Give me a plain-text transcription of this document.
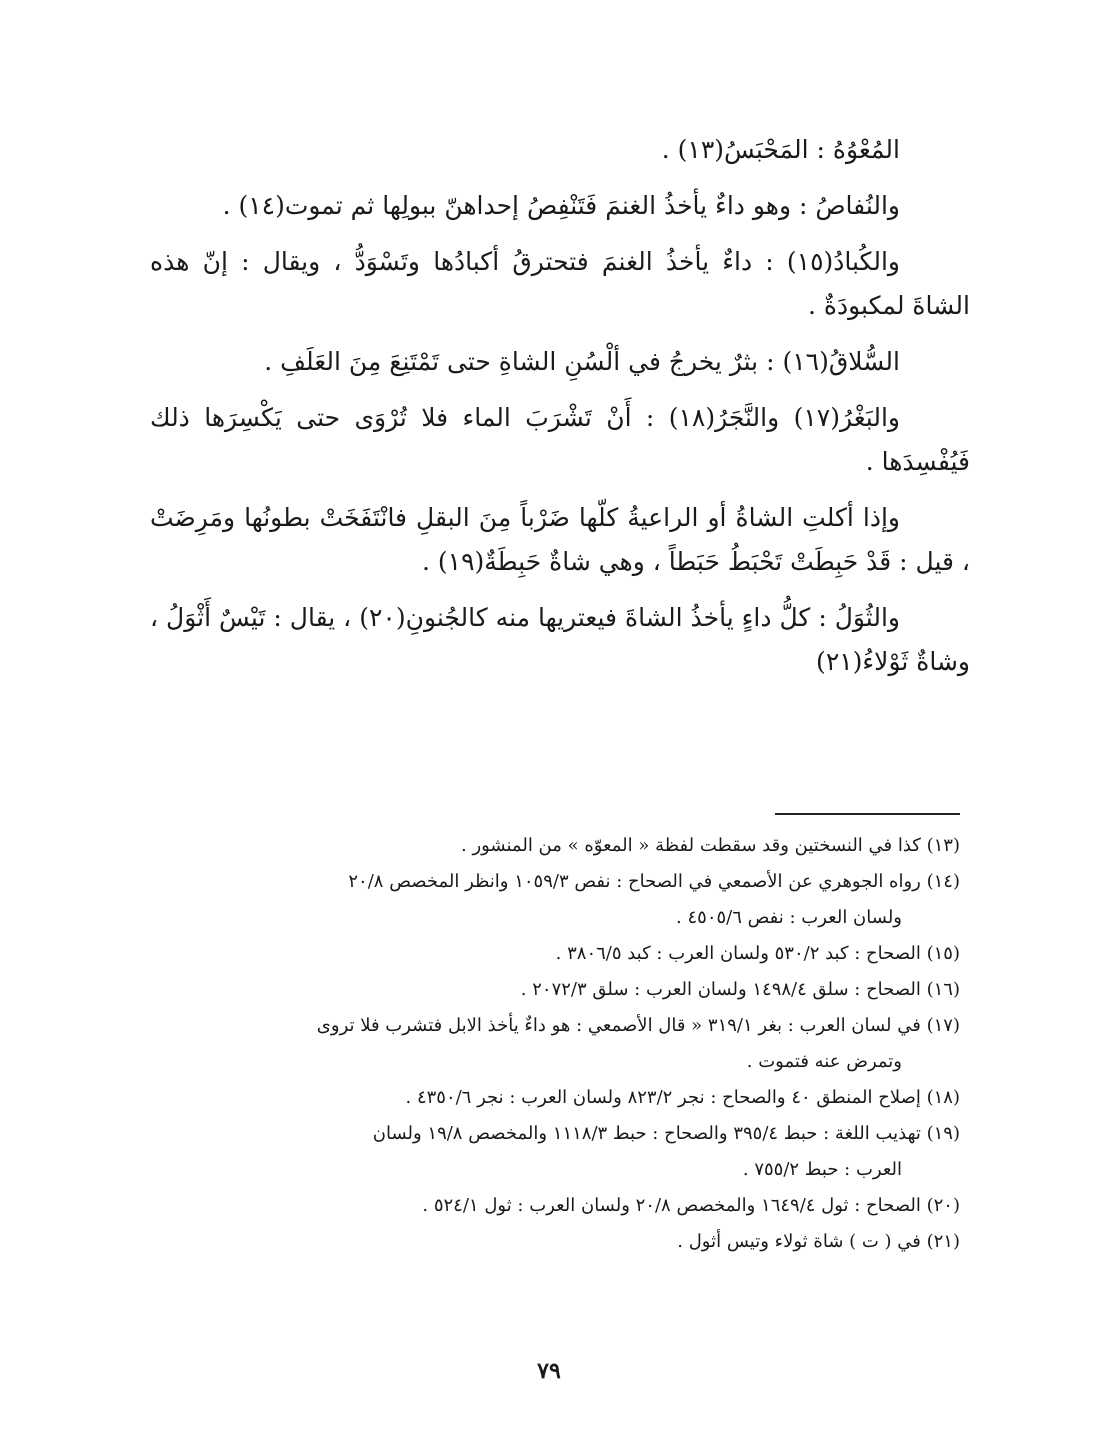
المُعْوُهُ : المَحْبَسُ(١٣) .

والنُفاصُ : وهو داءٌ يأخذُ الغنمَ فَتَنْفِصُ إحداهنّ ببولِها ثم تموت(١٤) .

والكُبادُ(١٥) : داءٌ يأخذُ الغنمَ فتحترقُ أكبادُها وتَسْوَدُّ ، ويقال : إنّ هذه الشاةَ لمكبودَةٌ .

السُّلاقُ(١٦) : بثرٌ يخرجُ في ألْسُنِ الشاةِ حتى تَمْتَنِعَ مِنَ العَلَفِ .

والبَغْرُ(١٧) والنَّجَرُ(١٨) : أَنْ تَشْرَبَ الماء فلا تُرْوَى حتى يَكْسِرَها ذلك فَيُفْسِدَها .

وإذا أكلتِ الشاةُ أو الراعيةُ كلّها ضَرْباً مِنَ البقلِ فانْتَفَخَتْ بطونُها ومَرِضَتْ ، قيل : قَدْ حَبِطَتْ تَحْبَطُ حَبَطاً ، وهي شاةٌ حَبِطَةٌ(١٩) .

والثُوَلُ : كلُّ داءٍ يأخذُ الشاةَ فيعتريها منه كالجُنونِ(٢٠) ، يقال : تَيْسٌ أَثْوَلُ ، وشاةٌ ثَوْلاءُ(٢١)

(١٣) كذا في النسختين وقد سقطت لفظة « المعوّه » من المنشور .
(١٤) رواه الجوهري عن الأصمعي في الصحاح : نفص ١٠٥٩/٣ وانظر المخصص ٢٠/٨
ولسان العرب : نفص ٤٥٠٥/٦ .
(١٥) الصحاح : كبد ٥٣٠/٢ ولسان العرب : كبد ٣٨٠٦/٥ .
(١٦) الصحاح : سلق ١٤٩٨/٤ ولسان العرب : سلق ٢٠٧٢/٣ .
(١٧) في لسان العرب : بغر ٣١٩/١ « قال الأصمعي : هو داءٌ يأخذ الابل فتشرب فلا تروى
وتمرض عنه فتموت .
(١٨) إصلاح المنطق ٤٠ والصحاح : نجر ٨٢٣/٢ ولسان العرب : نجر ٤٣٥٠/٦ .
(١٩) تهذيب اللغة : حبط ٣٩٥/٤ والصحاح : حبط ١١١٨/٣ والمخصص ١٩/٨ ولسان
العرب : حبط ٧٥٥/٢ .
(٢٠) الصحاح : ثول ١٦٤٩/٤ والمخصص ٢٠/٨ ولسان العرب : ثول ٥٢٤/١ .
(٢١) في ( ت ) شاة ثولاء وتيس أثول .
٧٩
